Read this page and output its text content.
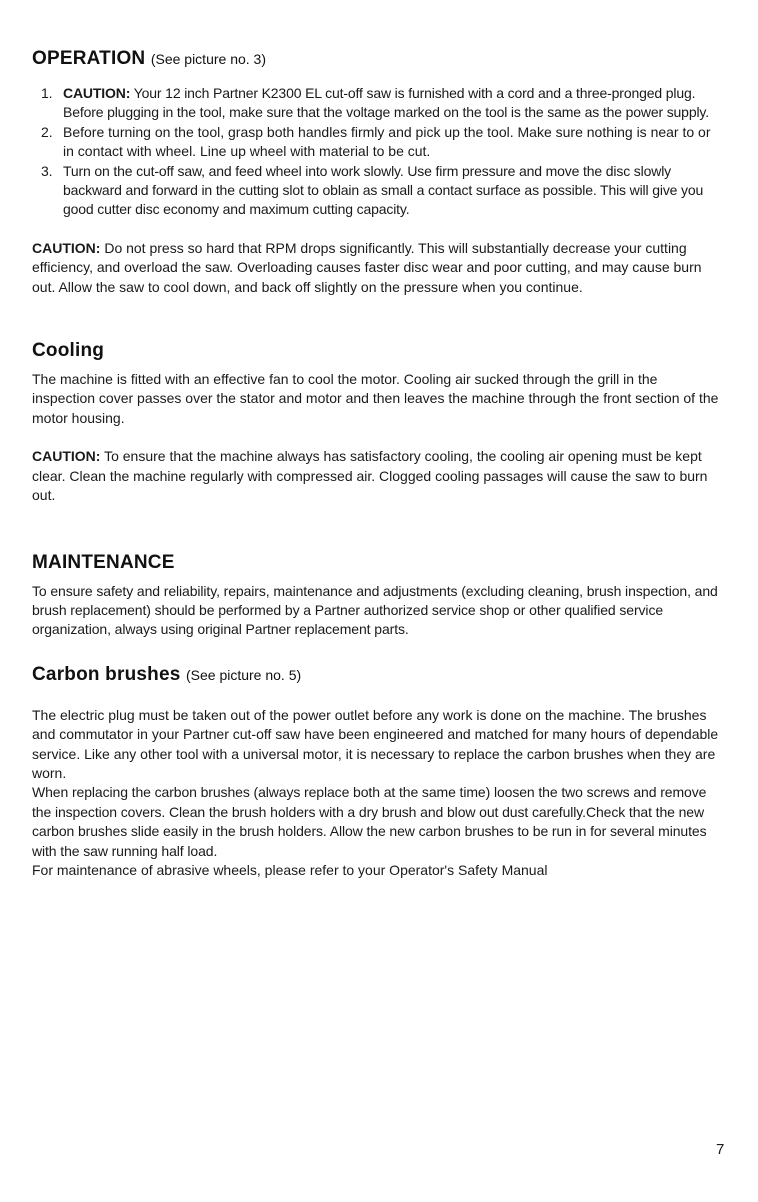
OPERATION (See picture no. 3)
1. CAUTION: Your 12 inch Partner K2300 EL cut-off saw is furnished with a cord and a three-pronged plug. Before plugging in the tool, make sure that the voltage marked on the tool is the same as the power supply.
2. Before turning on the tool, grasp both handles firmly and pick up the tool. Make sure nothing is near to or in contact with wheel. Line up wheel with material to be cut.
3. Turn on the cut-off saw, and feed wheel into work slowly. Use firm pressure and move the disc slowly backward and forward in the cutting slot to oblain as small a contact surface as possible. This will give you good cutter disc economy and maximum cutting capacity.

CAUTION: Do not press so hard that RPM drops significantly. This will substantially decrease your cutting efficiency, and overload the saw. Overloading causes faster disc wear and poor cutting, and may cause burn out. Allow the saw to cool down, and back off slightly on the pressure when you continue.

Cooling

The machine is fitted with an effective fan to cool the motor. Cooling air sucked through the grill in the inspection cover passes over the stator and motor and then leaves the machine through the front section of the motor housing.

CAUTION: To ensure that the machine always has satisfactory cooling, the cooling air opening must be kept clear. Clean the machine regularly with compressed air. Clogged cooling passages will cause the saw to burn out.

MAINTENANCE

To ensure safety and reliability, repairs, maintenance and adjustments (excluding cleaning, brush inspection, and brush replacement) should be performed by a Partner authorized service shop or other qualified service organization, always using original Partner replacement parts.

Carbon brushes (See picture no. 5)

The electric plug must be taken out of the power outlet before any work is done on the machine. The brushes and commutator in your Partner cut-off saw have been engineered and matched for many hours of dependable service. Like any other tool with a universal motor, it is necessary to replace the carbon brushes when they are worn.

When replacing the carbon brushes (always replace both at the same time) loosen the two screws and remove the inspection covers. Clean the brush holders with a dry brush and blow out dust carefully.Check that the new carbon brushes slide easily in the brush holders. Allow the new carbon brushes to be run in for several minutes with the saw running half load.

For maintenance of abrasive wheels, please refer to your Operator's Safety Manual

7
